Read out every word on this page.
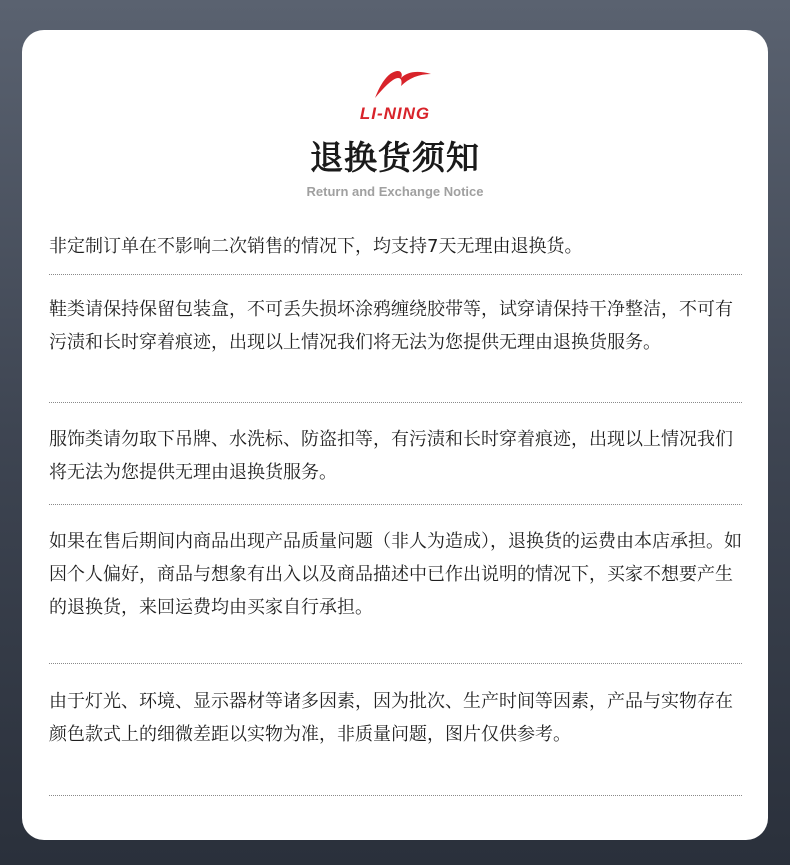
LI-NING
退换货须知
Return and Exchange Notice
非定制订单在不影响二次销售的情况下，均支持7天无理由退换货。
鞋类请保持保留包装盒，不可丢失损坏涂鸦缠绕胶带等，试穿请保持干净整洁，不可有污渍和长时穿着痕迹，出现以上情况我们将无法为您提供无理由退换货服务。
服饰类请勿取下吊牌、水洗标、防盗扣等，有污渍和长时穿着痕迹，出现以上情况我们将无法为您提供无理由退换货服务。
如果在售后期间内商品出现产品质量问题（非人为造成），退换货的运费由本店承担。如因个人偏好，商品与想象有出入以及商品描述中已作出说明的情况下，买家不想要产生的退换货，来回运费均由买家自行承担。
由于灯光、环境、显示器材等诸多因素，因为批次、生产时间等因素，产品与实物存在颜色款式上的细微差距以实物为准，非质量问题，图片仅供参考。
